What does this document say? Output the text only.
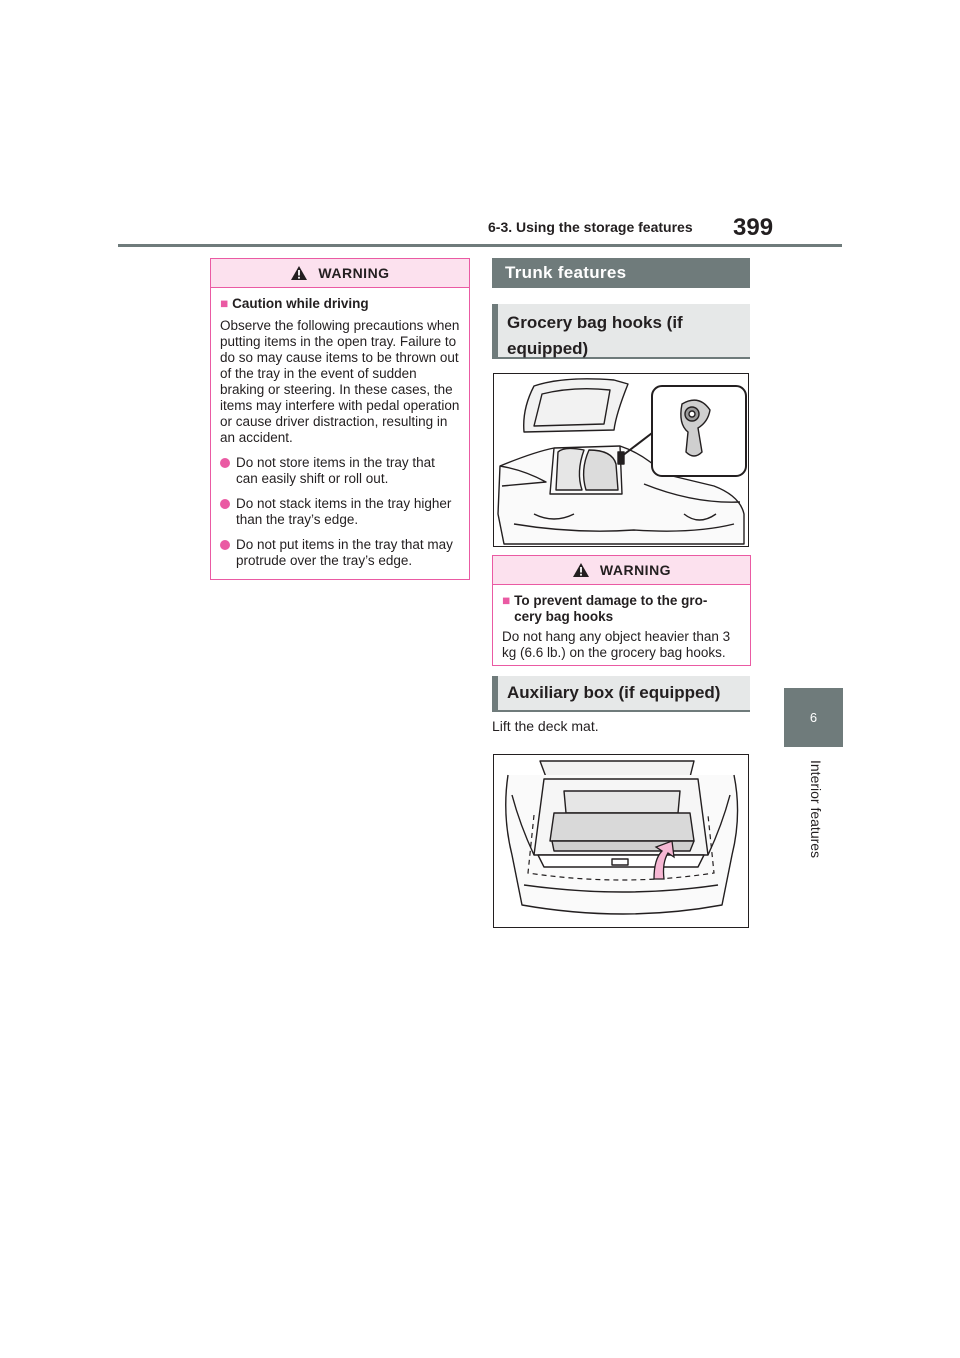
6-3. Using the storage features 399
6
Interior features
WARNING
■ Caution while driving

Observe the following precautions when putting items in the open tray. Failure to do so may cause items to be thrown out of the tray in the event of sudden braking or steering. In these cases, the items may interfere with pedal operation or cause driver distraction, resulting in an accident.

Do not store items in the tray that can easily shift or roll out.
Do not stack items in the tray higher than the tray’s edge.
Do not put items in the tray that may protrude over the tray’s edge.
Trunk features
Grocery bag hooks (if
equipped)
WARNING
■ To prevent damage to the gro-
cery bag hooks

Do not hang any object heavier than 3 kg (6.6 lb.) on the grocery bag hooks.

Auxiliary box (if equipped)
Lift the deck mat.
